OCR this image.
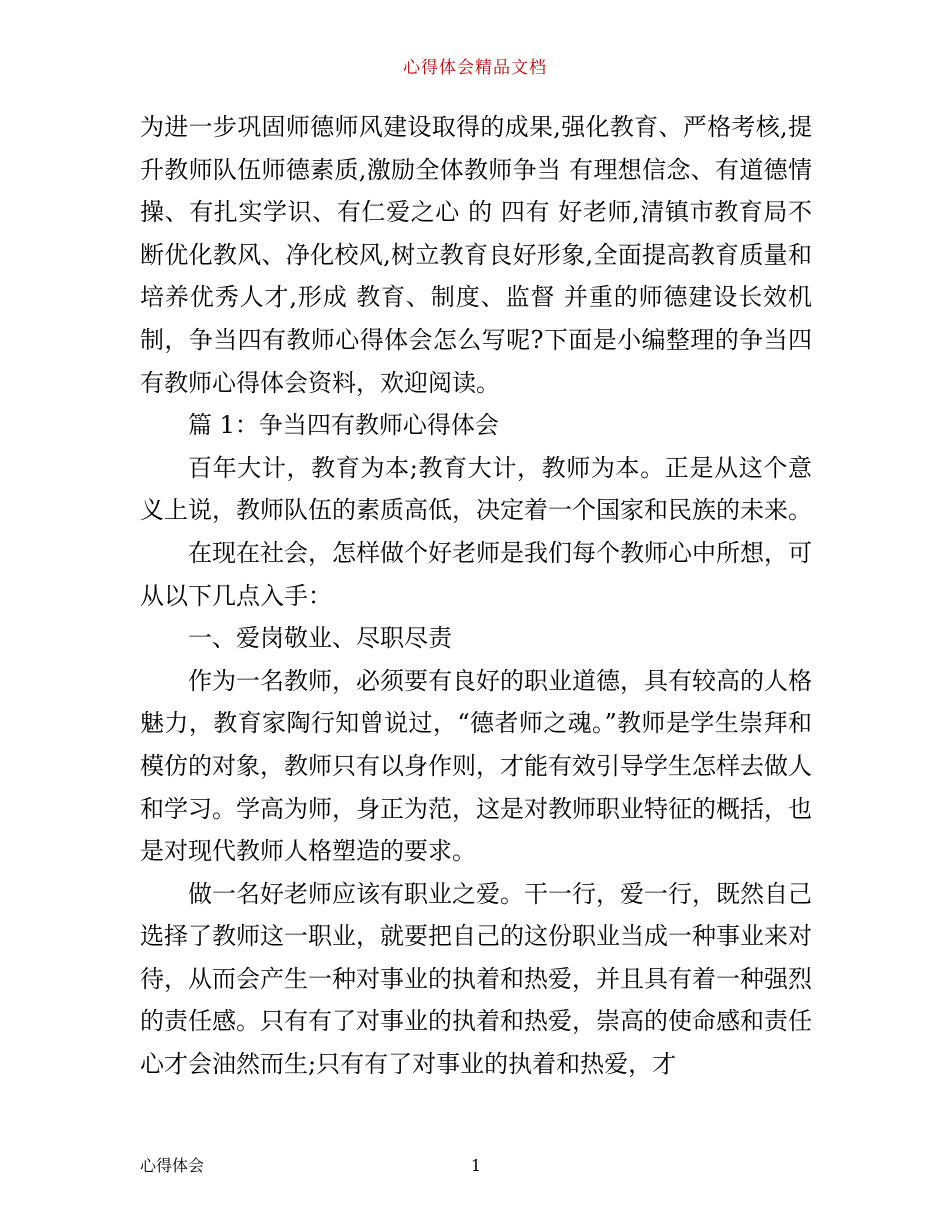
心得体会精品文档

为进一步巩固师德师风建设取得的成果,强化教育、严格考核,提升教师队伍师德素质,激励全体教师争当 有理想信念、有道德情操、有扎实学识、有仁爱之心 的 四有 好老师,清镇市教育局不断优化教风、净化校风,树立教育良好形象,全面提高教育质量和培养优秀人才,形成 教育、制度、监督 并重的师德建设长效机制，争当四有教师心得体会怎么写呢?下面是小编整理的争当四有教师心得体会资料，欢迎阅读。

篇 1：争当四有教师心得体会

百年大计，教育为本;教育大计，教师为本。正是从这个意义上说，教师队伍的素质高低，决定着一个国家和民族的未来。

在现在社会，怎样做个好老师是我们每个教师心中所想，可从以下几点入手：

一、爱岗敬业、尽职尽责

作为一名教师，必须要有良好的职业道德，具有较高的人格魅力，教育家陶行知曾说过，“德者师之魂。”教师是学生崇拜和模仿的对象，教师只有以身作则，才能有效引导学生怎样去做人和学习。学高为师，身正为范，这是对教师职业特征的概括，也是对现代教师人格塑造的要求。

做一名好老师应该有职业之爱。干一行，爱一行，既然自己选择了教师这一职业，就要把自己的这份职业当成一种事业来对待，从而会产生一种对事业的执着和热爱，并且具有着一种强烈的责任感。只有有了对事业的执着和热爱，崇高的使命感和责任心才会油然而生;只有有了对事业的执着和热爱，才

心得体会	1
